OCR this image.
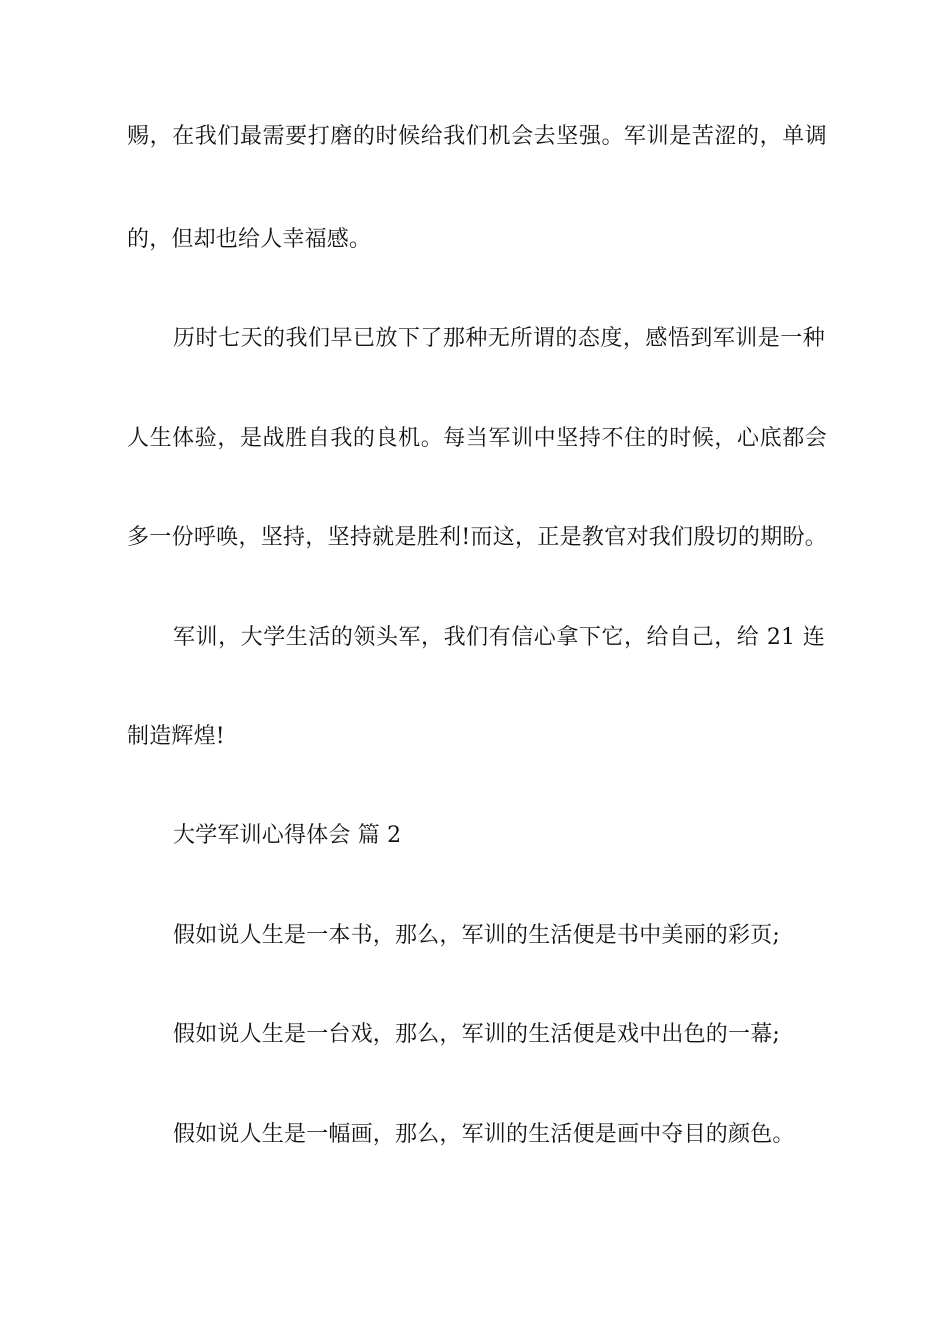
赐，在我们最需要打磨的时候给我们机会去坚强。军训是苦涩的，单调
的，但却也给人幸福感。
历时七天的我们早已放下了那种无所谓的态度，感悟到军训是一种
人生体验，是战胜自我的良机。每当军训中坚持不住的时候，心底都会
多一份呼唤，坚持，坚持就是胜利!而这，正是教官对我们殷切的期盼。
军训，大学生活的领头军，我们有信心拿下它，给自己，给 21 连
制造辉煌!
大学军训心得体会 篇 2
假如说人生是一本书，那么，军训的生活便是书中美丽的彩页;
假如说人生是一台戏，那么，军训的生活便是戏中出色的一幕;
假如说人生是一幅画，那么，军训的生活便是画中夺目的颜色。
